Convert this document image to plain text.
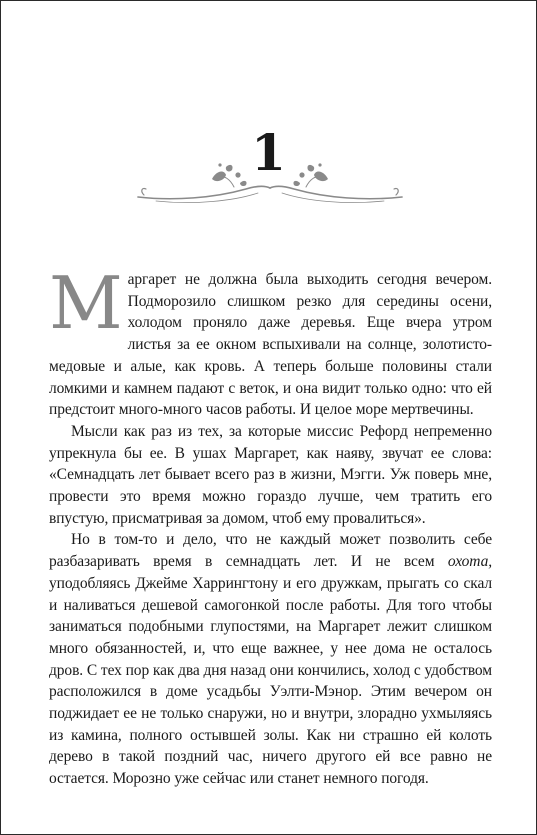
1

Маргарет не должна была выходить сегодня вечером. Подморозило слишком резко для середины осени, холодом проняло даже деревья. Еще вчера утром листья за ее окном вспыхивали на солнце, золотисто-медовые и алые, как кровь. А теперь больше половины стали ломкими и камнем падают с веток, и она видит только одно: что ей предстоит много-много часов работы. И целое море мертвечины.

Мысли как раз из тех, за которые миссис Рефорд непременно упрекнула бы ее. В ушах Маргарет, как наяву, звучат ее слова: «Семнадцать лет бывает всего раз в жизни, Мэгги. Уж поверь мне, провести это время можно гораздо лучше, чем тратить его впустую, присматривая за домом, чтоб ему провалиться».

Но в том-то и дело, что не каждый может позволить себе разбазаривать время в семнадцать лет. И не всем охота, уподобляясь Джейме Харрингтону и его дружкам, прыгать со скал и наливаться дешевой самогонкой после работы. Для того чтобы заниматься подобными глупостями, на Маргарет лежит слишком много обязанностей, и, что еще важнее, у нее дома не осталось дров. С тех пор как два дня назад они кончились, холод с удобством расположился в доме усадьбы Уэлти-Мэнор. Этим вечером он поджидает ее не только снаружи, но и внутри, злорадно ухмыляясь из камина, полного остывшей золы. Как ни страшно ей колоть дерево в такой поздний час, ничего другого ей все равно не остается. Морозно уже сейчас или станет немного погодя.
